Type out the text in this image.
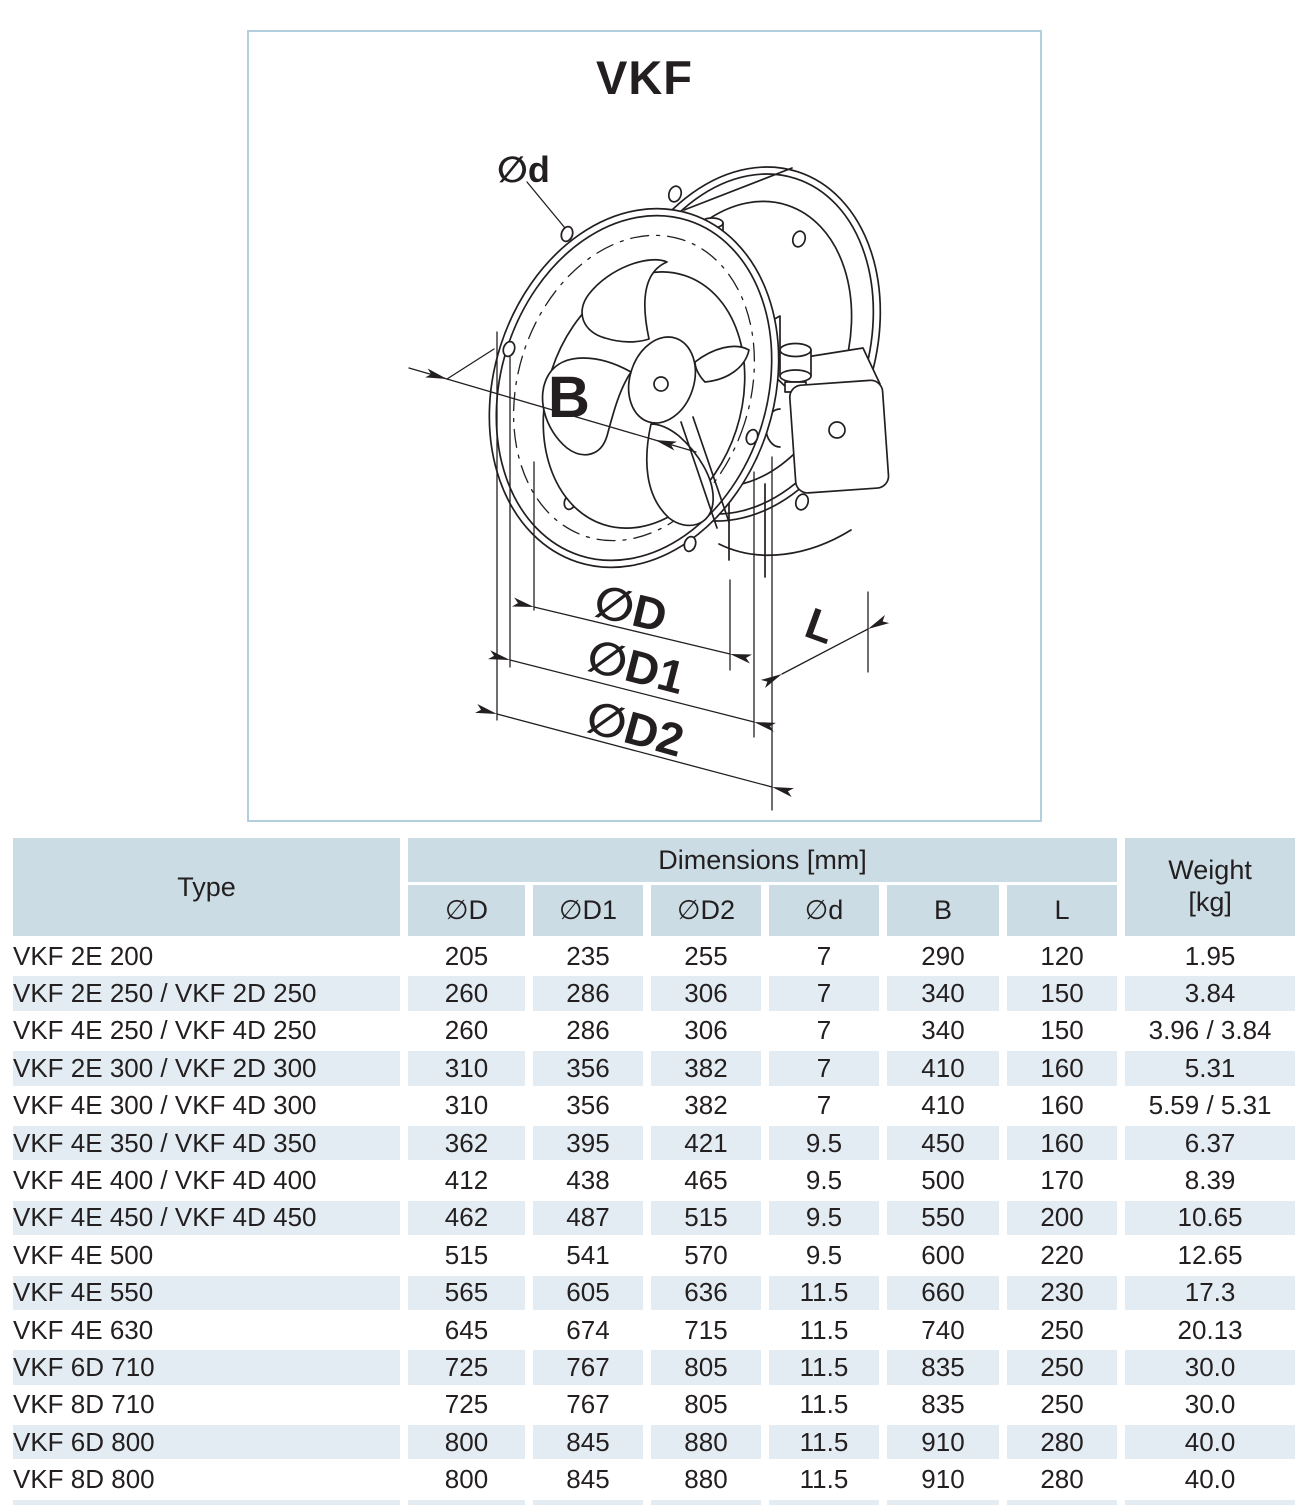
∅d
B
∅D
∅D1
∅D2
L
VKF
Type	Dimensions [mm]						Weight
[kg]

	∅D	∅D1	∅D2	∅d	B	L	
VKF 2E 200	205	235	255	7	290	120	1.95
VKF 2E 250 / VKF 2D 250	260	286	306	7	340	150	3.84
VKF 4E 250 / VKF 4D 250	260	286	306	7	340	150	3.96 / 3.84
VKF 2E 300 / VKF 2D 300	310	356	382	7	410	160	5.31
VKF 4E 300 / VKF 4D 300	310	356	382	7	410	160	5.59 / 5.31
VKF 4E 350 / VKF 4D 350	362	395	421	9.5	450	160	6.37
VKF 4E 400 / VKF 4D 400	412	438	465	9.5	500	170	8.39
VKF 4E 450 / VKF 4D 450	462	487	515	9.5	550	200	10.65
VKF 4E 500	515	541	570	9.5	600	220	12.65
VKF 4E 550	565	605	636	11.5	660	230	17.3
VKF 4E 630	645	674	715	11.5	740	250	20.13
VKF 6D 710	725	767	805	11.5	835	250	30.0
VKF 8D 710	725	767	805	11.5	835	250	30.0
VKF 6D 800	800	845	880	11.5	910	280	40.0
VKF 8D 800	800	845	880	11.5	910	280	40.0
